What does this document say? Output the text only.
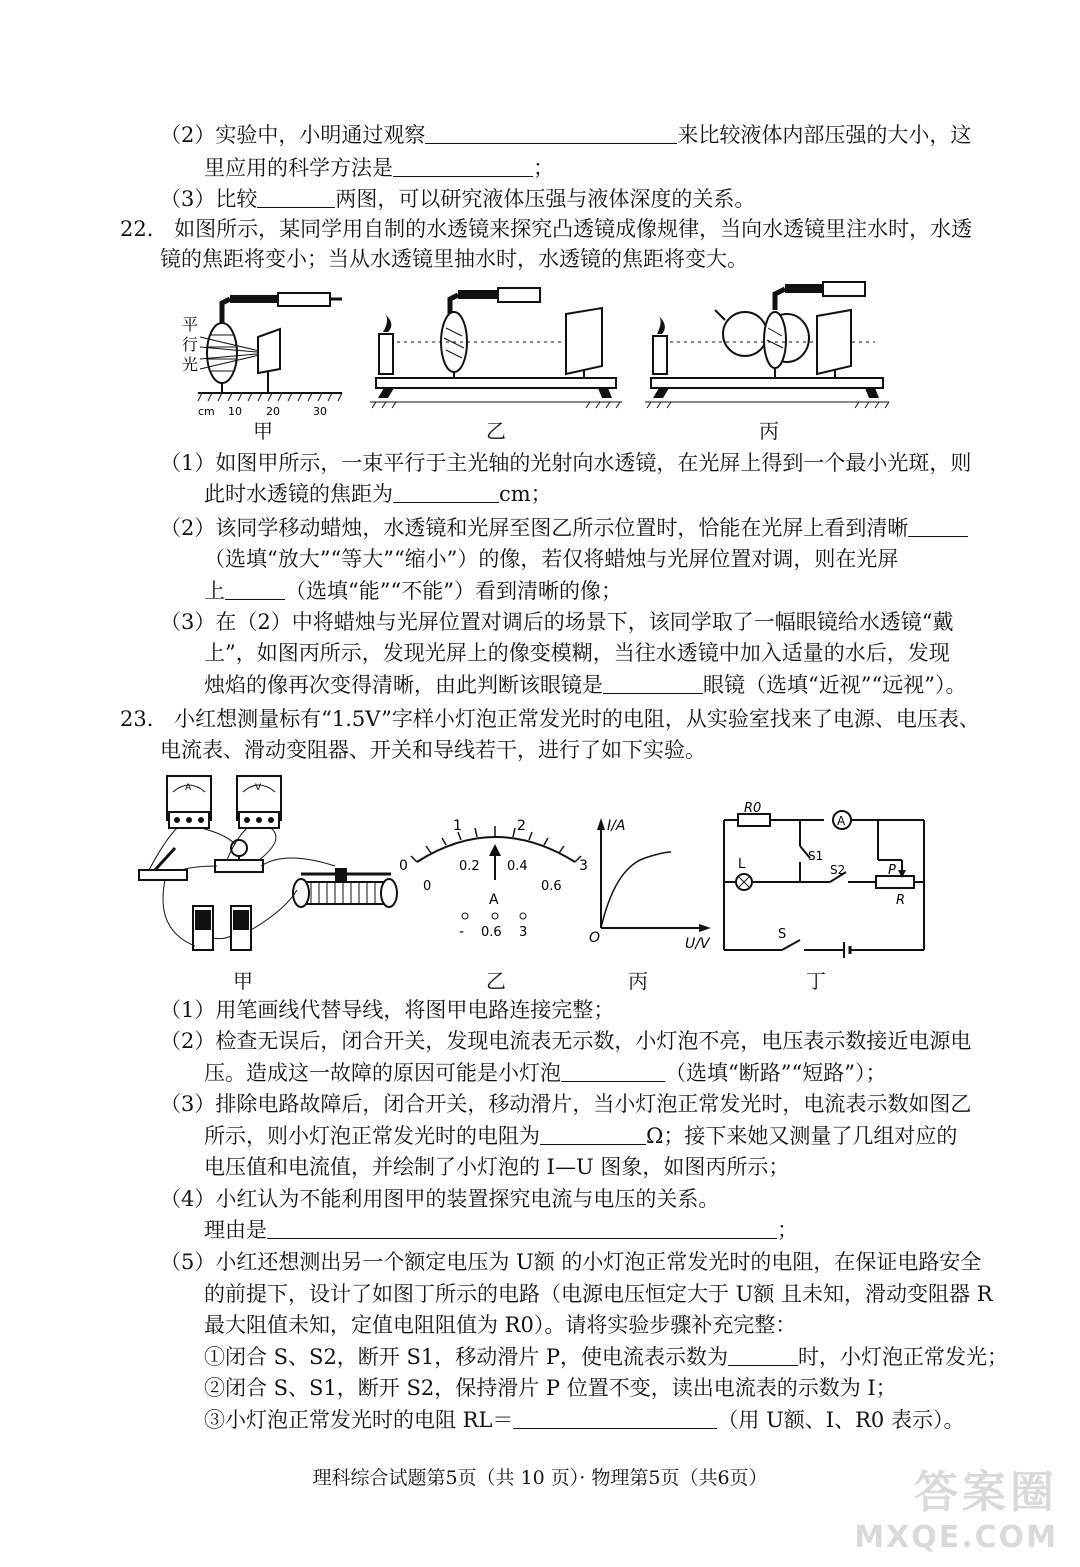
（2）实验中，小明通过观察	来比较液体内部压强的大小，这
里应用的科学方法是	；
（3）比较	两图，可以研究液体压强与液体深度的关系。
22. 如图所示，某同学用自制的水透镜来探究凸透镜成像规律，当向水透镜里注水时，水透
镜的焦距将变小；当从水透镜里抽水时，水透镜的焦距将变大。
平
行
光
cm 10 20	30
甲	乙	丙
（1）如图甲所示，一束平行于主光轴的光射向水透镜，在光屏上得到一个最小光斑，则
此时水透镜的焦距为	cm；
（2）该同学移动蜡烛，水透镜和光屏至图乙所示位置时，恰能在光屏上看到清晰
（选填“放大”“等大”“缩小”）的像，若仅将蜡烛与光屏位置对调，则在光屏
上	（选填“能”“不能”）看到清晰的像；
（3）在（2）中将蜡烛与光屏位置对调后的场景下，该同学取了一幅眼镜给水透镜“戴
上”，如图丙所示，发现光屏上的像变模糊，当往水透镜中加入适量的水后，发现
烛焰的像再次变得清晰，由此判断该眼镜是	眼镜（选填“近视”“远视”）。
23. 小红想测量标有“1.5V”字样小灯泡正常发光时的电阻，从实验室找来了电源、电压表、
电流表、滑动变阻器、开关和导线若干，进行了如下实验。
A	V
0
1	2
3
0
0.2 0.4
0.6
A
- 0.6 3
I/A
U/V
O
R0
A
L
S1
S2	P
R
S
甲	乙	丙	丁
（1）用笔画线代替导线，将图甲电路连接完整；
（2）检查无误后，闭合开关，发现电流表无示数，小灯泡不亮，电压表示数接近电源电
压。造成这一故障的原因可能是小灯泡	（选填“断路”“短路”）；
（3）排除电路故障后，闭合开关，移动滑片，当小灯泡正常发光时，电流表示数如图乙
所示，则小灯泡正常发光时的电阻为	Ω；接下来她又测量了几组对应的
电压值和电流值，并绘制了小灯泡的 I—U 图象，如图丙所示；
（4）小红认为不能利用图甲的装置探究电流与电压的关系。
理由是	；
（5）小红还想测出另一个额定电压为 U额 的小灯泡正常发光时的电阻，在保证电路安全
的前提下，设计了如图丁所示的电路（电源电压恒定大于 U额 且未知，滑动变阻器 R
最大阻值未知，定值电阻阻值为 R0）。请将实验步骤补充完整：
①闭合 S、S2，断开 S1，移动滑片 P，使电流表示数为	时，小灯泡正常发光；
②闭合 S、S1，断开 S2，保持滑片 P 位置不变，读出电流表的示数为 I；
③小灯泡正常发光时的电阻 RL＝	（用 U额、I、R0 表示）。
理科综合试题第5页（共 10 页）· 物理第5页（共6页）	答案圈
MXQE.COM
